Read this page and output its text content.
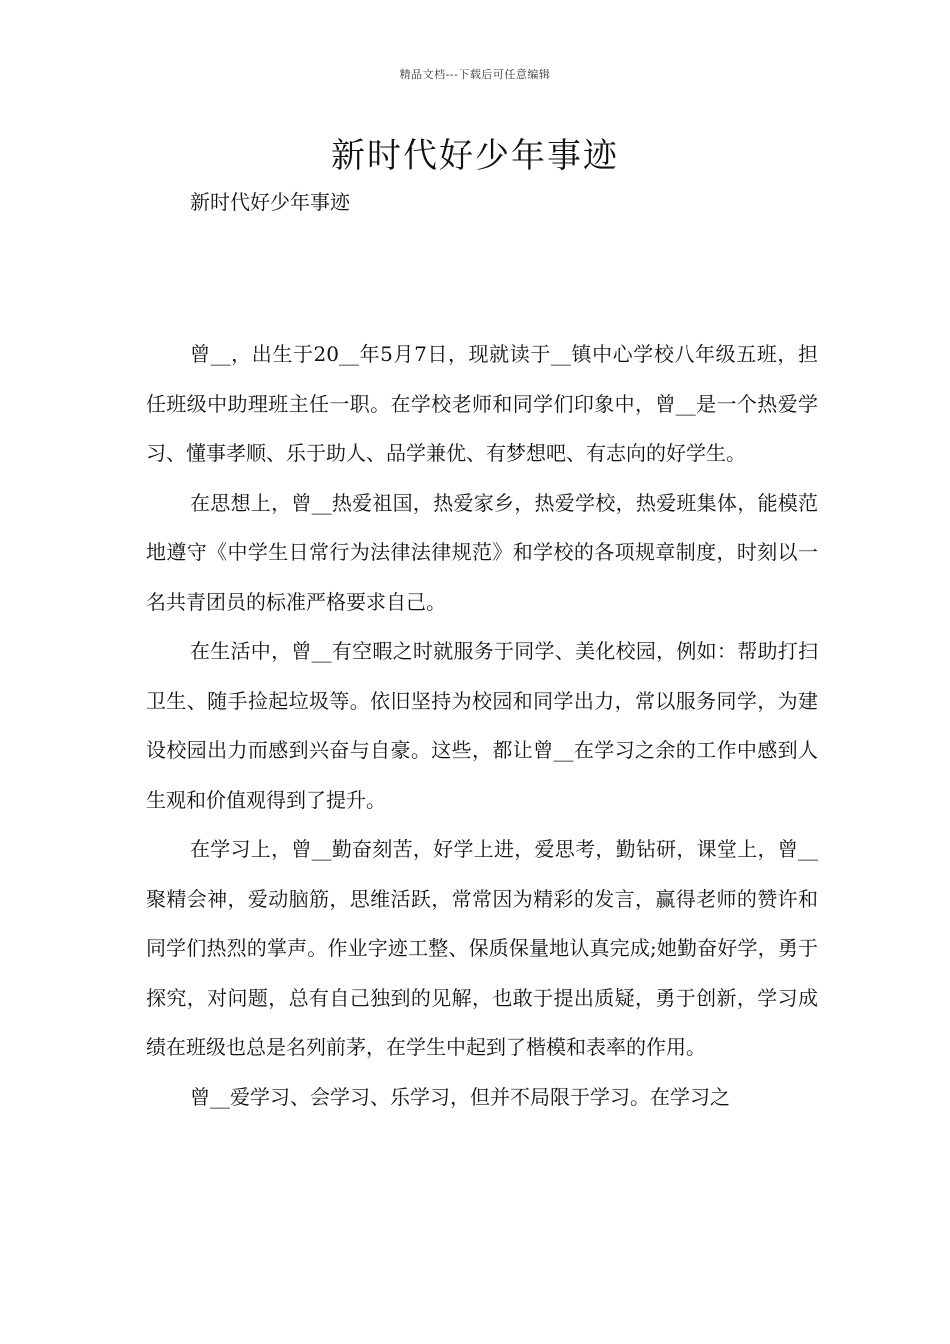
精品文档---下载后可任意编辑
新时代好少年事迹

新时代好少年事迹

曾__，出生于20__年5月7日，现就读于__镇中心学校八年级五班，担任班级中助理班主任一职。在学校老师和同学们印象中，曾__是一个热爱学习、懂事孝顺、乐于助人、品学兼优、有梦想吧、有志向的好学生。

在思想上，曾__热爱祖国，热爱家乡，热爱学校，热爱班集体，能模范地遵守《中学生日常行为法律法律规范》和学校的各项规章制度，时刻以一名共青团员的标准严格要求自己。

在生活中，曾__有空暇之时就服务于同学、美化校园，例如：帮助打扫卫生、随手捡起垃圾等。依旧坚持为校园和同学出力，常以服务同学，为建设校园出力而感到兴奋与自豪。这些，都让曾__在学习之余的工作中感到人生观和价值观得到了提升。

在学习上，曾__勤奋刻苦，好学上进，爱思考，勤钻研，课堂上，曾__聚精会神，爱动脑筋，思维活跃，常常因为精彩的发言，赢得老师的赞许和同学们热烈的掌声。作业字迹工整、保质保量地认真完成;她勤奋好学，勇于探究，对问题，总有自己独到的见解，也敢于提出质疑，勇于创新，学习成绩在班级也总是名列前茅，在学生中起到了楷模和表率的作用。

曾__爱学习、会学习、乐学习，但并不局限于学习。在学习之
